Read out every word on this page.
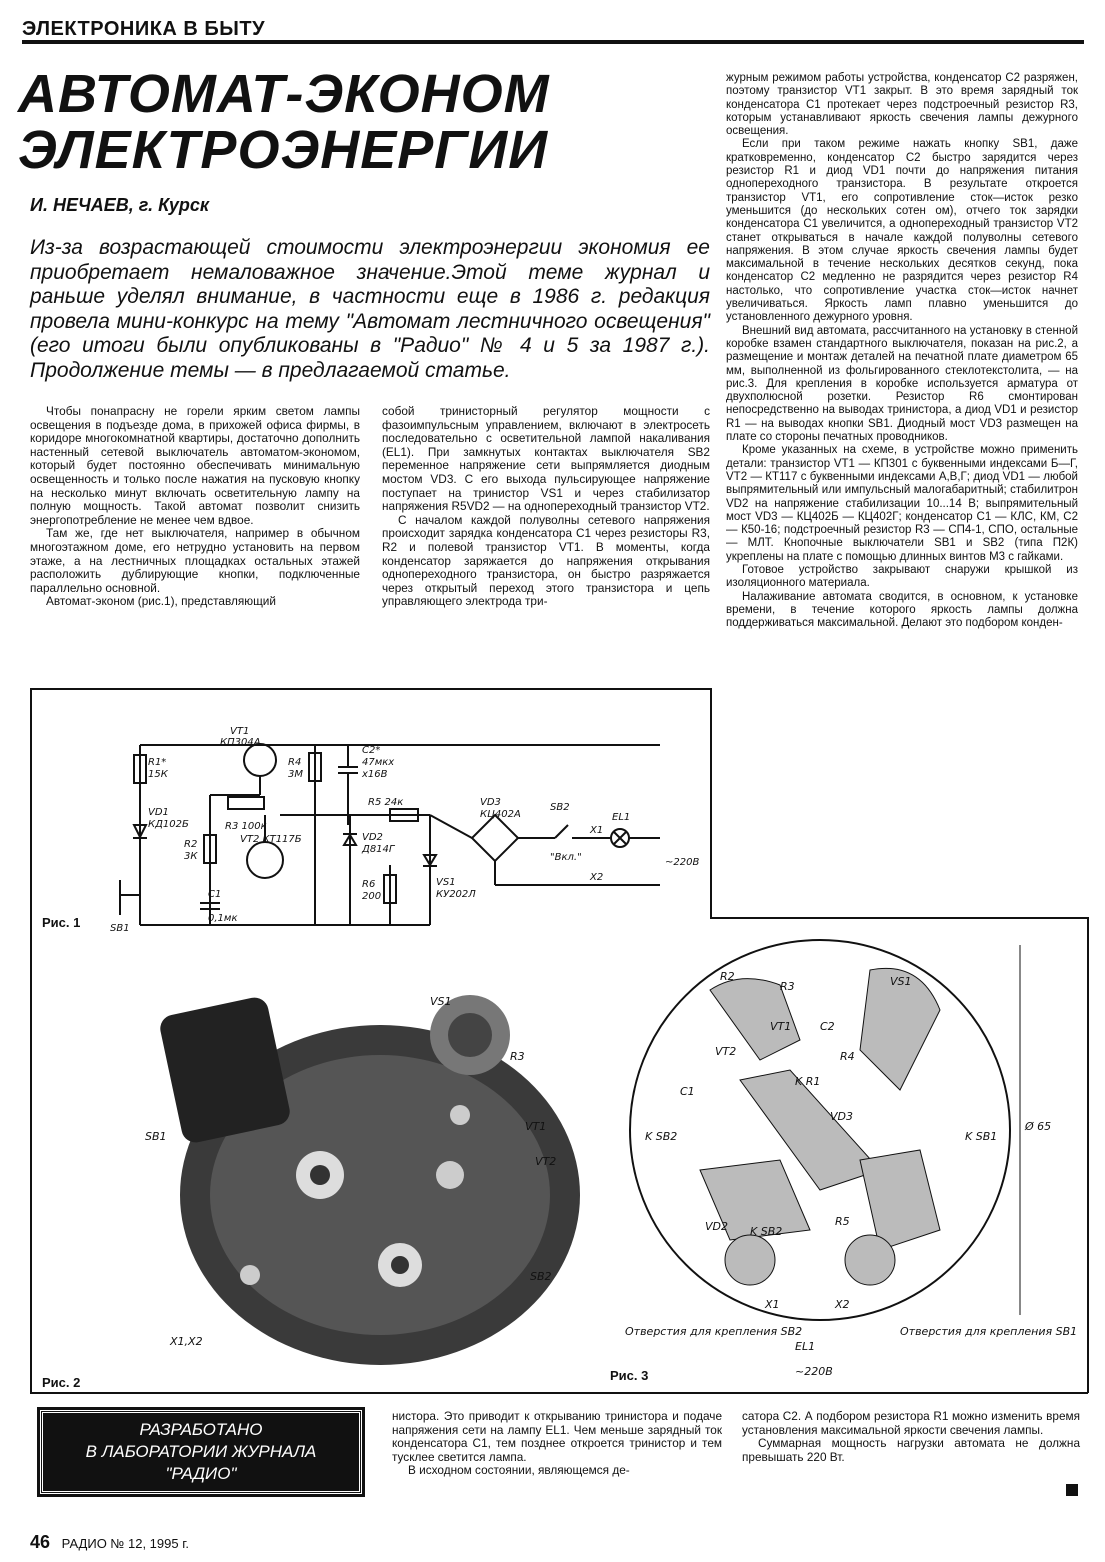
ЭЛЕКТРОНИКА В БЫТУ
АВТОМАТ-ЭКОНОМ
ЭЛЕКТРОЭНЕРГИИ
И. НЕЧАЕВ, г. Курск
Из-за возрастающей стоимости электроэнергии экономия ее приобретает немаловажное значение.Этой теме журнал и раньше уделял внимание, в частности еще в 1986 г. редакция провела мини-конкурс на тему "Автомат лестничного освещения" (его итоги были опубликованы в "Радио" № 4 и 5 за 1987 г.). Продолжение темы — в предлагаемой статье.

Чтобы понапрасну не горели ярким светом лампы освещения в подъезде дома, в прихожей офиса фирмы, в коридоре многокомнатной квартиры, достаточно дополнить настенный сетевой выключатель автоматом-экономом, который будет постоянно обеспечивать минимальную освещенность и только после нажатия на пусковую кнопку на несколько минут включать осветительную лампу на полную мощность. Такой автомат позволит снизить энергопотребление не менее чем вдвое.

Там же, где нет выключателя, например в обычном многоэтажном доме, его нетрудно установить на первом этаже, а на лестничных площадках остальных этажей расположить дублирующие кнопки, подключенные параллельно основной.

Автомат-эконом (рис.1), представляющий

собой тринисторный регулятор мощности с фазоимпульсным управлением, включают в электросеть последовательно с осветительной лампой накаливания (EL1). При замкнутых контактах выключателя SB2 переменное напряжение сети выпрямляется диодным мостом VD3. С его выхода пульсирующее напряжение поступает на тринистор VS1 и через стабилизатор напряжения R5VD2 — на однопереходный транзистор VT2.

С началом каждой полуволны сетевого напряжения происходит зарядка конденсатора C1 через резисторы R3, R2 и полевой транзистор VT1. В моменты, когда конденсатор заряжается до напряжения открывания однопереходного транзистора, он быстро разряжается через открытый переход этого транзистора и цепь управляющего электрода три-

журным режимом работы устройства, конденсатор C2 разряжен, поэтому транзистор VT1 закрыт. В это время зарядный ток конденсатора C1 протекает через подстроечный резистор R3, которым устанавливают яркость свечения лампы дежурного освещения.

Если при таком режиме нажать кнопку SB1, даже кратковременно, конденсатор C2 быстро зарядится через резистор R1 и диод VD1 почти до напряжения питания однопереходного транзистора. В результате откроется транзистор VT1, его сопротивление сток—исток резко уменьшится (до нескольких сотен ом), отчего ток зарядки конденсатора C1 увеличится, а однопереходный транзистор VT2 станет открываться в начале каждой полуволны сетевого напряжения. В этом случае яркость свечения лампы будет максимальной в течение нескольких десятков секунд, пока конденсатор C2 медленно не разрядится через резистор R4 настолько, что сопротивление участка сток—исток начнет увеличиваться. Яркость ламп плавно уменьшится до установленного дежурного уровня.

Внешний вид автомата, рассчитанного на установку в стенной коробке взамен стандартного выключателя, показан на рис.2, а размещение и монтаж деталей на печатной плате диаметром 65 мм, выполненной из фольгированного стеклотекстолита, — на рис.3. Для крепления в коробке используется арматура от двухполюсной розетки. Резистор R6 смонтирован непосредственно на выводах тринистора, а диод VD1 и резистор R1 — на выводах кнопки SB1. Диодный мост VD3 размещен на плате со стороны печатных проводников.

Кроме указанных на схеме, в устройстве можно применить детали: транзистор VT1 — КП301 с буквенными индексами Б—Г, VT2 — КТ117 с буквенными индексами А,В,Г; диод VD1 — любой выпрямительный или импульсный малогабаритный; стабилитрон VD2 на напряжение стабилизации 10...14 В; выпрямительный мост VD3 — КЦ402Б — КЦ402Г; конденсатор C1 — КЛС, КМ, C2 — К50-16; подстроечный резистор R3 — СП4-1, СПО, остальные — МЛТ. Кнопочные выключатели SB1 и SB2 (типа П2К) укреплены на плате с помощью длинных винтов М3 с гайками.

Готовое устройство закрывают снаружи крышкой из изоляционного материала.

Налаживание автомата сводится, в основном, к установке времени, в течение которого яркость лампы должна поддерживаться максимальной. Делают это подбором конден-

R1*
15К
VD1
КД102Б
R2
3К
VT1
КП304А
R3 100к
VT2 КТ117Б
R4
3М
C2*
47мкх
х16В
R5 24к
VD2
Д814Г
C1
0,1мк
R6
200
VS1
КУ202Л
VD3
КЦ402А
SB2
"Вкл."
X1
X2
EL1
~220В
SB1
Рис. 1
VS1
R3
VT1
VT2
SB1
SB2
X1,X2
Рис. 2
R2
R3	VS1
VT1	C2
R4
VT2
C1
K R1
VD3
K SB2	K SB1
R5
VD2 K SB2
X1	X2
Ø 65
Отверстия для крепления SB2	Отверстия для крепления SB1
EL1
~220В
Рис. 3
РАЗРАБОТАНО
В ЛАБОРАТОРИИ ЖУРНАЛА
"РАДИО"

нистора. Это приводит к открыванию тринистора и подаче напряжения сети на лампу EL1. Чем меньше зарядный ток конденсатора C1, тем позднее откроется тринистор и тем тусклее светится лампа.

В исходном состоянии, являющемся де-

сатора C2. А подбором резистора R1 можно изменить время установления максимальной яркости свечения лампы.

Суммарная мощность нагрузки автомата не должна превышать 220 Вт.

46 РАДИО № 12, 1995 г.
